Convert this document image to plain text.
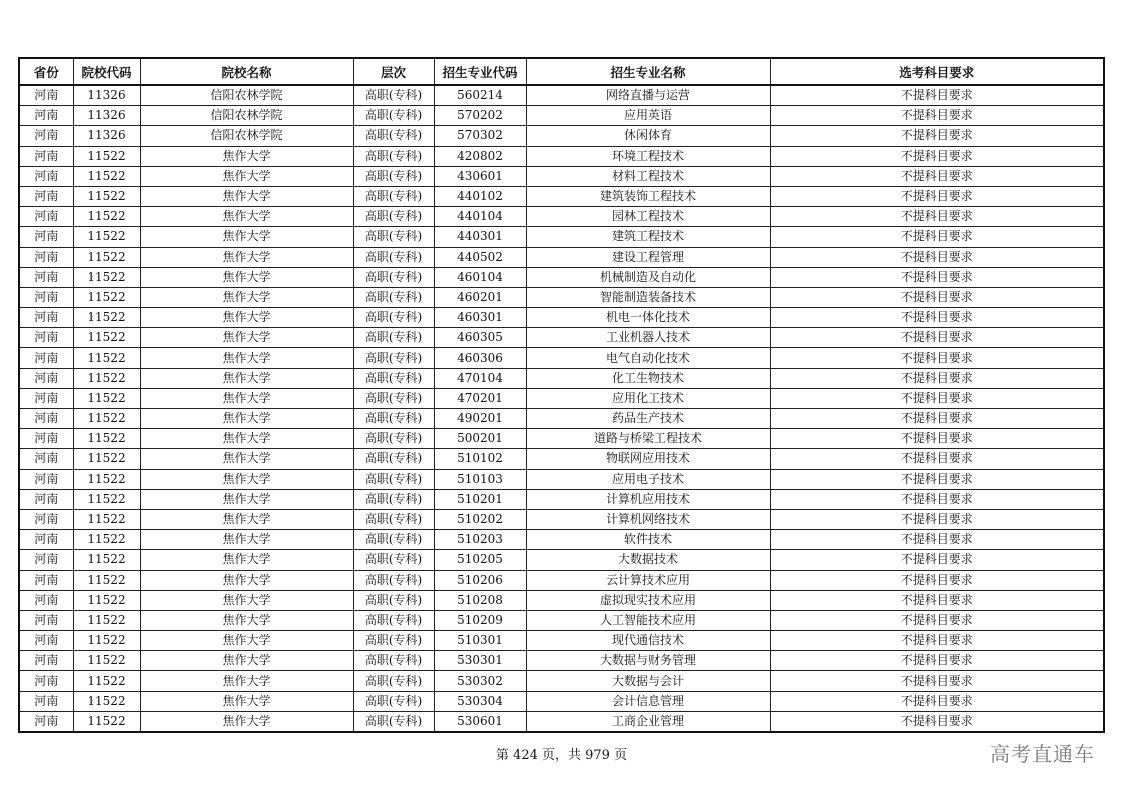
省份	院校代码	院校名称	层次	招生专业代码	招生专业名称	选考科目要求
河南	11326	信阳农林学院	高职(专科)	560214	网络直播与运营	不提科目要求
河南	11326	信阳农林学院	高职(专科)	570202	应用英语	不提科目要求
河南	11326	信阳农林学院	高职(专科)	570302	休闲体育	不提科目要求
河南	11522	焦作大学	高职(专科)	420802	环境工程技术	不提科目要求
河南	11522	焦作大学	高职(专科)	430601	材料工程技术	不提科目要求
河南	11522	焦作大学	高职(专科)	440102	建筑装饰工程技术	不提科目要求
河南	11522	焦作大学	高职(专科)	440104	园林工程技术	不提科目要求
河南	11522	焦作大学	高职(专科)	440301	建筑工程技术	不提科目要求
河南	11522	焦作大学	高职(专科)	440502	建设工程管理	不提科目要求
河南	11522	焦作大学	高职(专科)	460104	机械制造及自动化	不提科目要求
河南	11522	焦作大学	高职(专科)	460201	智能制造装备技术	不提科目要求
河南	11522	焦作大学	高职(专科)	460301	机电一体化技术	不提科目要求
河南	11522	焦作大学	高职(专科)	460305	工业机器人技术	不提科目要求
河南	11522	焦作大学	高职(专科)	460306	电气自动化技术	不提科目要求
河南	11522	焦作大学	高职(专科)	470104	化工生物技术	不提科目要求
河南	11522	焦作大学	高职(专科)	470201	应用化工技术	不提科目要求
河南	11522	焦作大学	高职(专科)	490201	药品生产技术	不提科目要求
河南	11522	焦作大学	高职(专科)	500201	道路与桥梁工程技术	不提科目要求
河南	11522	焦作大学	高职(专科)	510102	物联网应用技术	不提科目要求
河南	11522	焦作大学	高职(专科)	510103	应用电子技术	不提科目要求
河南	11522	焦作大学	高职(专科)	510201	计算机应用技术	不提科目要求
河南	11522	焦作大学	高职(专科)	510202	计算机网络技术	不提科目要求
河南	11522	焦作大学	高职(专科)	510203	软件技术	不提科目要求
河南	11522	焦作大学	高职(专科)	510205	大数据技术	不提科目要求
河南	11522	焦作大学	高职(专科)	510206	云计算技术应用	不提科目要求
河南	11522	焦作大学	高职(专科)	510208	虚拟现实技术应用	不提科目要求
河南	11522	焦作大学	高职(专科)	510209	人工智能技术应用	不提科目要求
河南	11522	焦作大学	高职(专科)	510301	现代通信技术	不提科目要求
河南	11522	焦作大学	高职(专科)	530301	大数据与财务管理	不提科目要求
河南	11522	焦作大学	高职(专科)	530302	大数据与会计	不提科目要求
河南	11522	焦作大学	高职(专科)	530304	会计信息管理	不提科目要求
河南	11522	焦作大学	高职(专科)	530601	工商企业管理	不提科目要求
第 424 页，共 979 页	高考直通车
